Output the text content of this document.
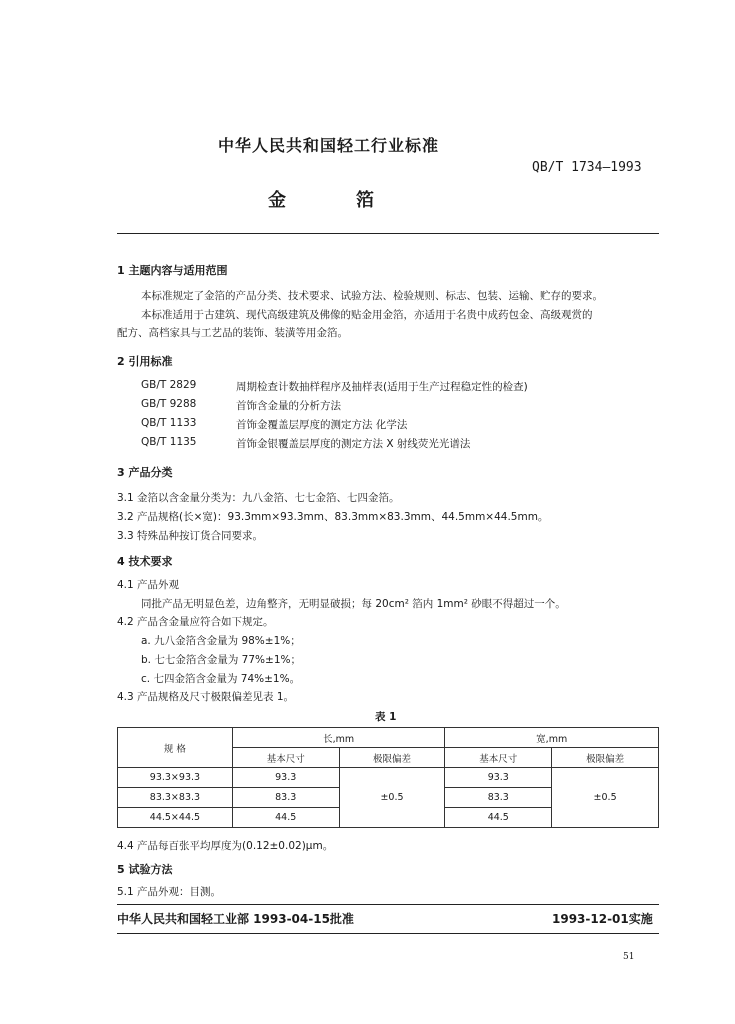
中华人民共和国轻工行业标准
QB/T 1734—1993
金	箔
1 主题内容与适用范围
本标准规定了金箔的产品分类、技术要求、试验方法、检验规则、标志、包装、运输、贮存的要求。
本标准适用于古建筑、现代高级建筑及佛像的贴金用金箔，亦适用于名贵中成药包金、高级观赏的
配方、高档家具与工艺品的装饰、装潢等用金箔。
2 引用标准
GB/T 2829	周期检查计数抽样程序及抽样表(适用于生产过程稳定性的检查)
GB/T 9288	首饰含金量的分析方法
QB/T 1133	首饰金覆盖层厚度的测定方法 化学法
QB/T 1135	首饰金银覆盖层厚度的测定方法 X 射线荧光光谱法
3 产品分类
3.1 金箔以含金量分类为：九八金箔、七七金箔、七四金箔。
3.2 产品规格(长×宽)：93.3mm×93.3mm、83.3mm×83.3mm、44.5mm×44.5mm。
3.3 特殊品种按订货合同要求。
4 技术要求
4.1 产品外观
同批产品无明显色差，边角整齐，无明显破损；每 20cm² 箔内 1mm² 砂眼不得超过一个。
4.2 产品含金量应符合如下规定。
a. 九八金箔含金量为 98%±1%；
b. 七七金箔含金量为 77%±1%；
c. 七四金箔含金量为 74%±1%。
4.3 产品规格及尺寸极限偏差见表 1。
表 1
规 格	长,mm		宽,mm	
	基本尺寸	极限偏差	基本尺寸	极限偏差
93.3×93.3	93.3	±0.5	93.3	±0.5
83.3×83.3	83.3		83.3	
44.5×44.5	44.5		44.5	
4.4 产品每百张平均厚度为(0.12±0.02)μm。
5 试验方法
5.1 产品外观：目测。
中华人民共和国轻工业部 1993-04-15批准	1993-12-01实施
51
